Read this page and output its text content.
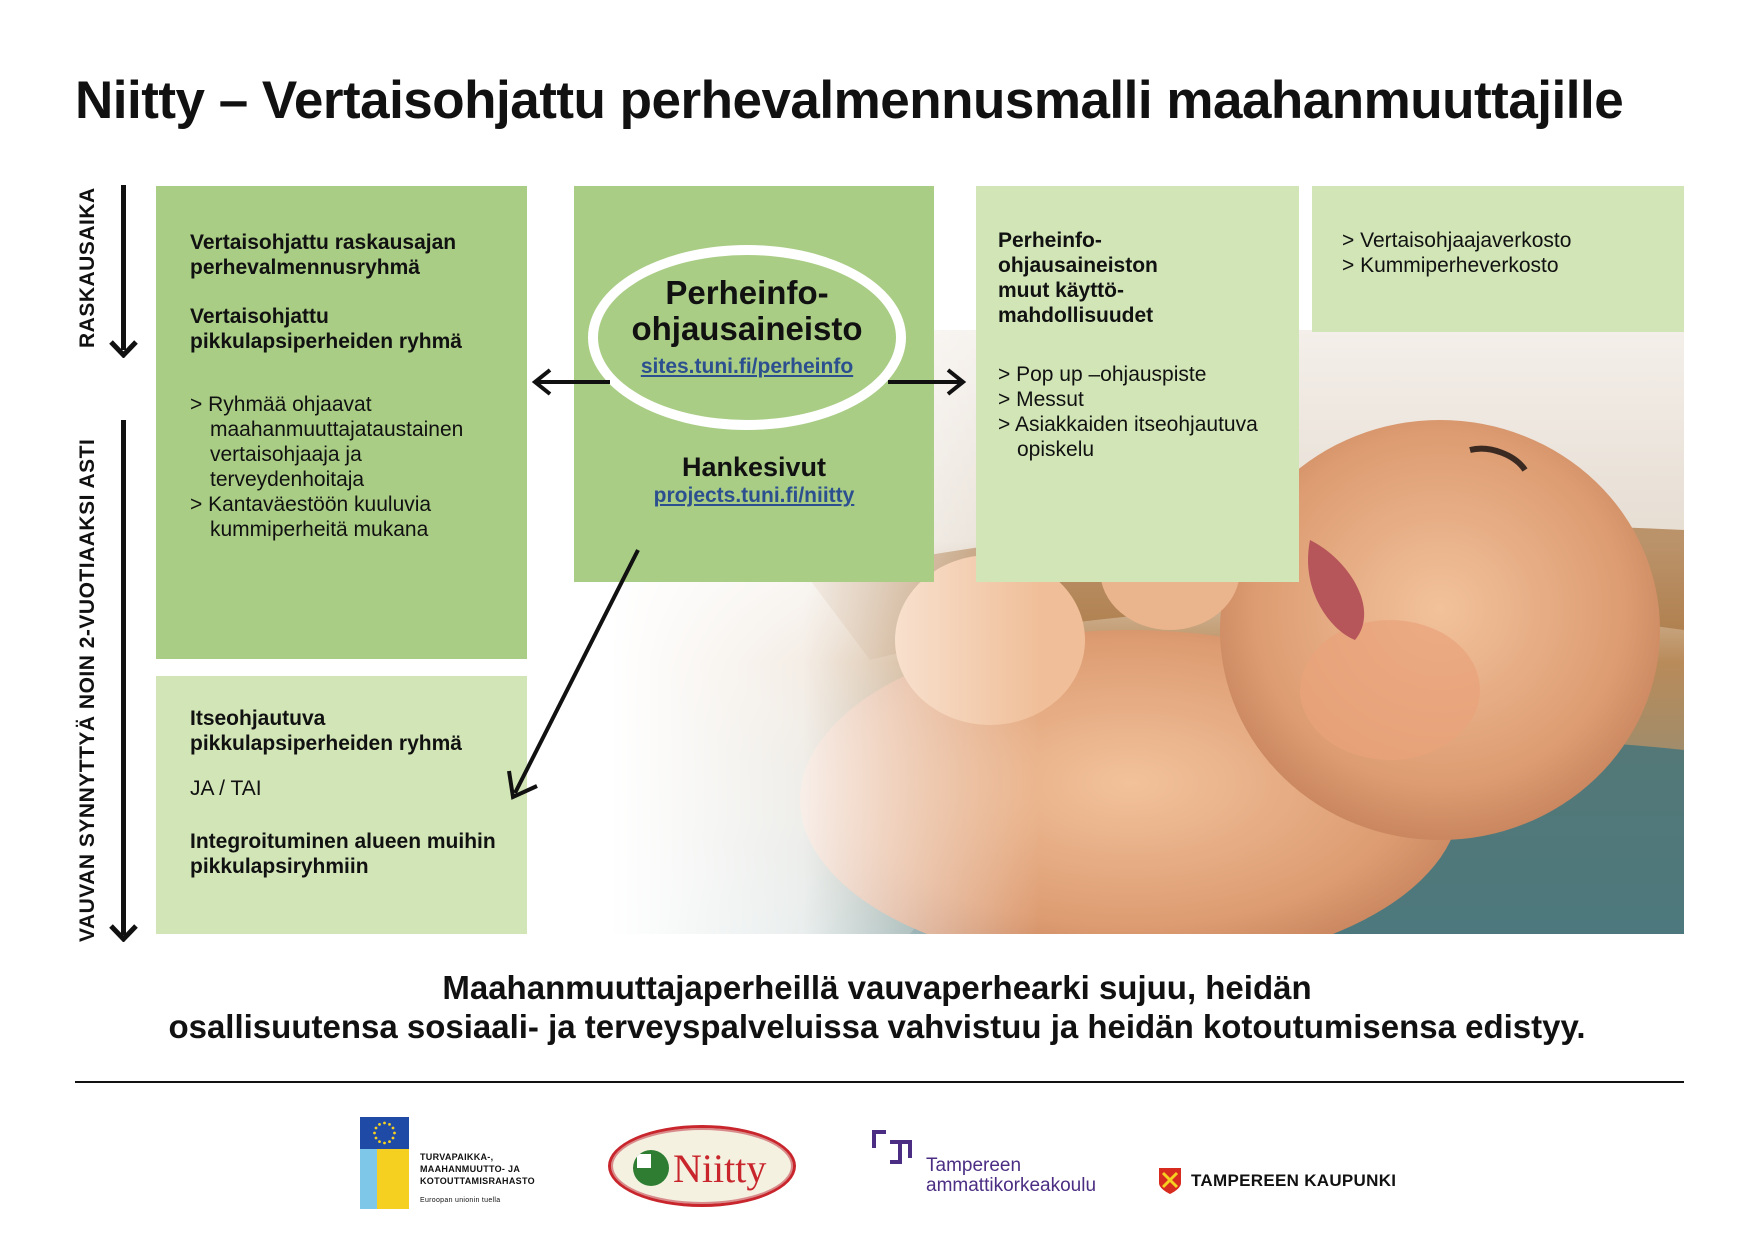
Niitty – Vertaisohjattu perhevalmennusmalli maahanmuuttajille
RASKAUSAIKA
VAUVAN SYNNYTTYÄ NOIN 2-VUOTIAAKSI ASTI
Vertaisohjattu raskausajan perhevalmennusryhmä
Vertaisohjattu pikkulapsiperheiden ryhmä
> Ryhmää ohjaavat maahanmuuttajataustainen vertaisohjaaja ja terveydenhoitaja
> Kantaväestöön kuuluvia kummiperheitä mukana
Itseohjautuva pikkulapsiperheiden ryhmä
JA / TAI
Integroituminen alueen muihin pikkulapsiryhmiin
Perheinfo-
ohjausaineisto
sites.tuni.fi/perheinfo
Hankesivut
projects.tuni.fi/niitty
Perheinfo-ohjausaineiston muut käyttö-mahdollisuudet
> Pop up –ohjauspiste
> Messut
> Asiakkaiden itseohjautuva opiskelu
> Vertaisohjaajaverkosto
> Kummiperheverkosto
Maahanmuuttajaperheillä vauvaperhearki sujuu, heidän
osallisuutensa sosiaali- ja terveyspalveluissa vahvistuu ja heidän kotoutumisensa edistyy.
TURVAPAIKKA-,
MAAHANMUUTTO- JA
KOTOUTTAMISRAHASTO
Euroopan unionin tuella
Niitty	Tampereen
ammattikorkeakoulu	TAMPEREEN KAUPUNKI
